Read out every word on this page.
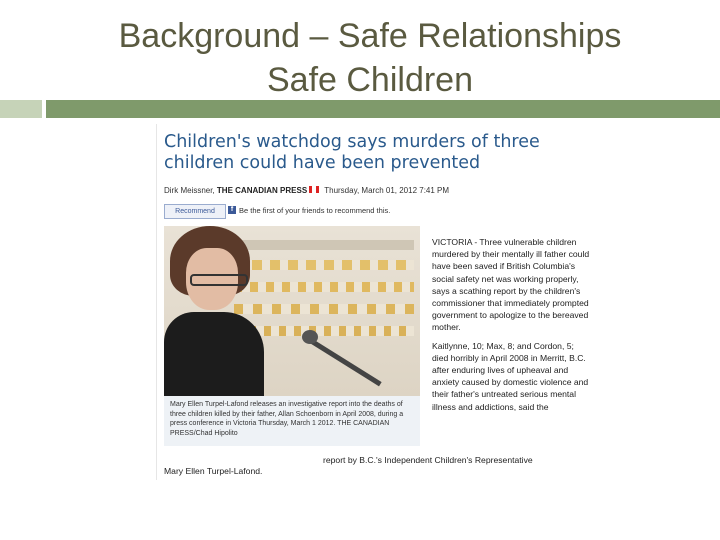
Background – Safe Relationships
Safe Children
Children's watchdog says murders of three children could have been prevented
Dirk Meissner, THE CANADIAN PRESS Thursday, March 01, 2012 7:41 PM
Recommend	f Be the first of your friends to recommend this.
Mary Ellen Turpel-Lafond releases an investigative report into the deaths of three children killed by their father, Allan Schoenborn in April 2008, during a press conference in Victoria Thursday, March 1 2012. THE CANADIAN PRESS/Chad Hipolito

VICTORIA - Three vulnerable children murdered by their mentally ill father could have been saved if British Columbia's social safety net was working properly, says a scathing report by the children's commissioner that immediately prompted government to apologize to the bereaved mother.

Kaitlynne, 10; Max, 8; and Cordon, 5; died horribly in April 2008 in Merritt, B.C. after enduring lives of upheaval and anxiety caused by domestic violence and their father's untreated serious mental illness and addictions, said the

report by B.C.'s Independent Children's Representative
Mary Ellen Turpel-Lafond.
